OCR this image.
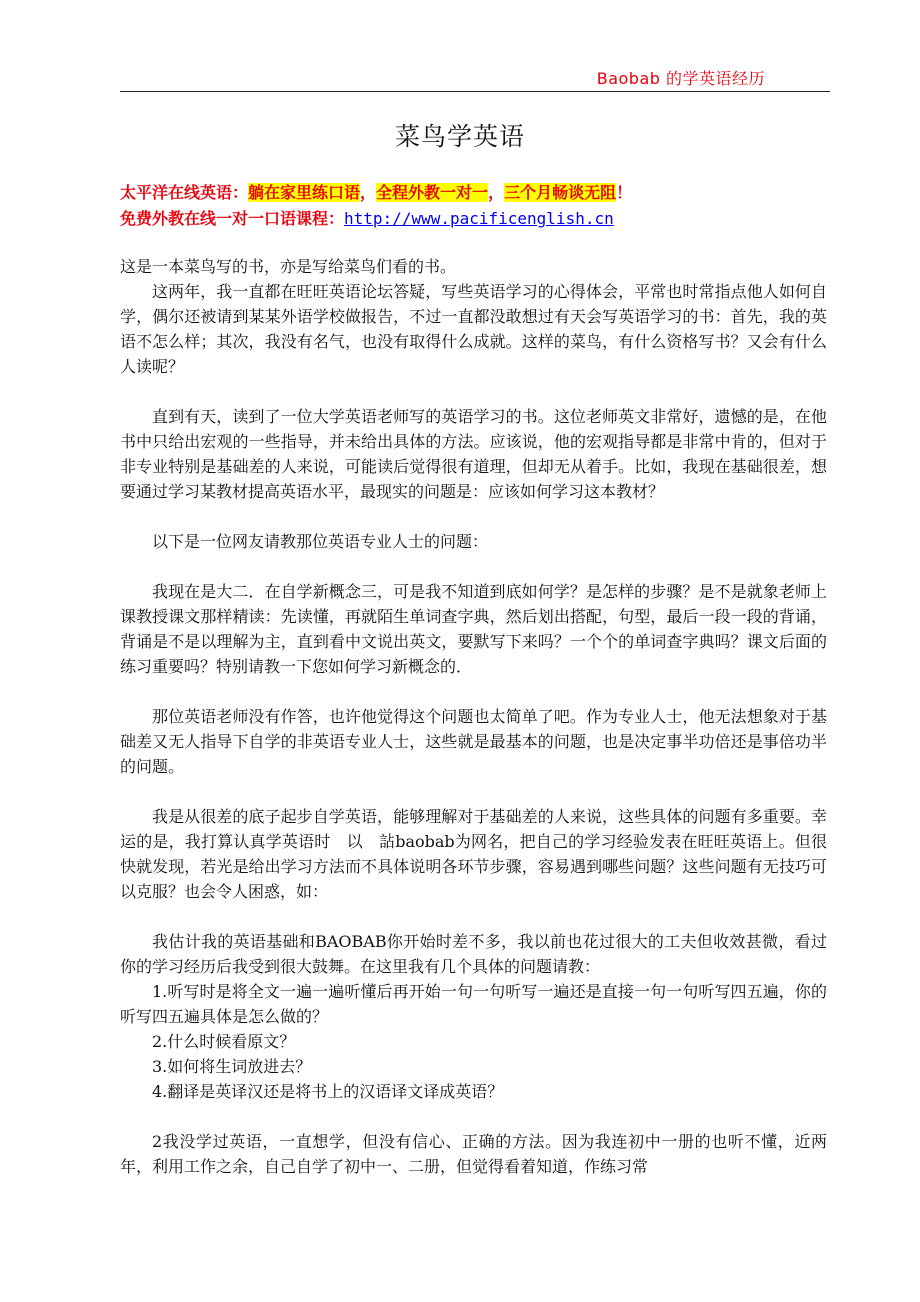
Baobab 的学英语经历
菜鸟学英语
太平洋在线英语：躺在家里练口语，全程外教一对一，三个月畅谈无阻！
免费外教在线一对一口语课程：http://www.pacificenglish.cn

这是一本菜鸟写的书，亦是写给菜鸟们看的书。

这两年，我一直都在旺旺英语论坛答疑，写些英语学习的心得体会，平常也时常指点他人如何自学，偶尔还被请到某某外语学校做报告，不过一直都没敢想过有天会写英语学习的书：首先，我的英语不怎么样；其次，我没有名气，也没有取得什么成就。这样的菜鸟，有什么资格写书？又会有什么人读呢？

直到有天，读到了一位大学英语老师写的英语学习的书。这位老师英文非常好，遗憾的是，在他书中只给出宏观的一些指导，并未给出具体的方法。应该说，他的宏观指导都是非常中肯的，但对于非专业特别是基础差的人来说，可能读后觉得很有道理，但却无从着手。比如，我现在基础很差，想要通过学习某教材提高英语水平，最现实的问题是：应该如何学习这本教材？

以下是一位网友请教那位英语专业人士的问题：

我现在是大二．在自学新概念三，可是我不知道到底如何学？是怎样的步骤？是不是就象老师上课教授课文那样精读：先读懂，再就陌生单词查字典，然后划出搭配，句型，最后一段一段的背诵，背诵是不是以理解为主，直到看中文说出英文，要默写下来吗？一个个的单词查字典吗？课文后面的练习重要吗？特别请教一下您如何学习新概念的．

那位英语老师没有作答，也许他觉得这个问题也太简单了吧。作为专业人士，他无法想象对于基础差又无人指导下自学的非英语专业人士，这些就是最基本的问题，也是决定事半功倍还是事倍功半的问题。

我是从很差的底子起步自学英语，能够理解对于基础差的人来说，这些具体的问题有多重要。幸运的是，我打算认真学英语时　以　詀baobab为网名，把自己的学习经验发表在旺旺英语上。但很快就发现，若光是给出学习方法而不具体说明各环节步骤，容易遇到哪些问题？这些问题有无技巧可以克服？也会令人困惑，如：

我估计我的英语基础和BAOBAB你开始时差不多，我以前也花过很大的工夫但收效甚微，看过你的学习经历后我受到很大鼓舞。在这里我有几个具体的问题请教：

1.听写时是将全文一遍一遍听懂后再开始一句一句听写一遍还是直接一句一句听写四五遍，你的听写四五遍具体是怎么做的？

2.什么时候看原文？

3.如何将生词放进去？

4.翻译是英译汉还是将书上的汉语译文译成英语？

2我没学过英语，一直想学，但没有信心、正确的方法。因为我连初中一册的也听不懂，近两年，利用工作之余，自己自学了初中一、二册，但觉得看着知道，作练习常
